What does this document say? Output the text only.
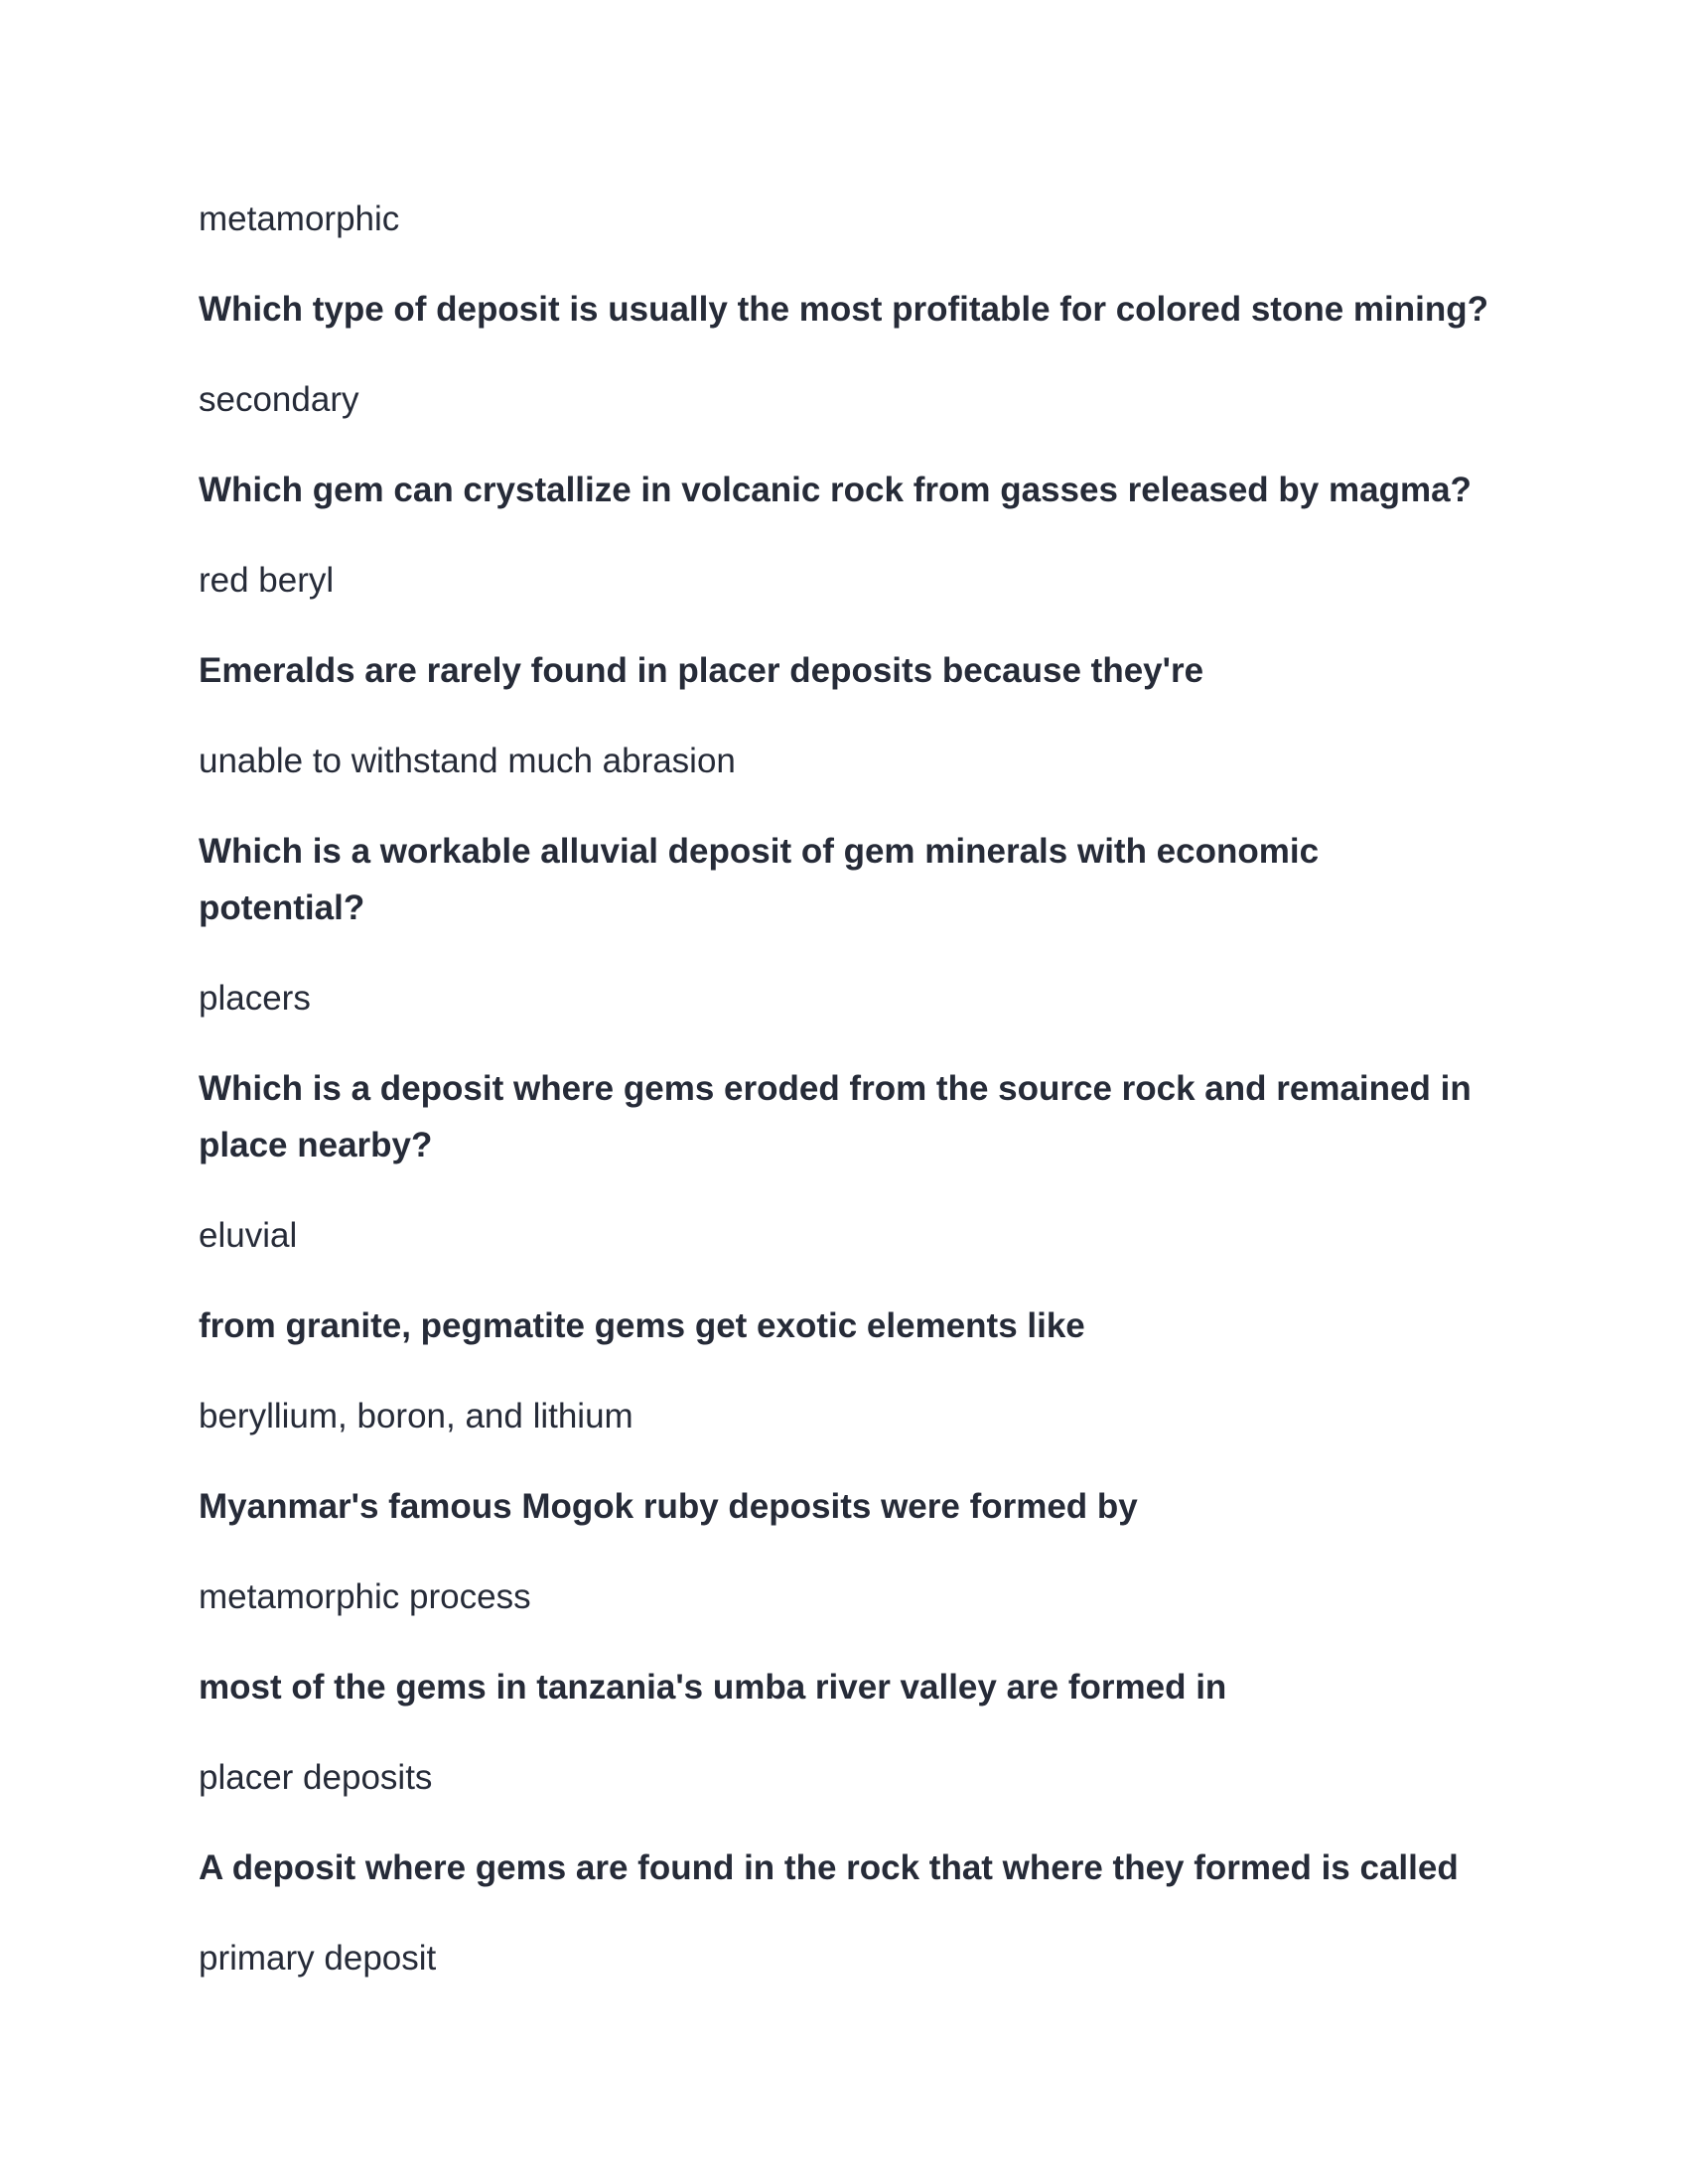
metamorphic

Which type of deposit is usually the most profitable for colored stone mining?

secondary

Which gem can crystallize in volcanic rock from gasses released by magma?

red beryl

Emeralds are rarely found in placer deposits because they're

unable to withstand much abrasion

Which is a workable alluvial deposit of gem minerals with economic potential?

placers

Which is a deposit where gems eroded from the source rock and remained in place nearby?

eluvial

from granite, pegmatite gems get exotic elements like

beryllium, boron, and lithium

Myanmar's famous Mogok ruby deposits were formed by

metamorphic process

most of the gems in tanzania's umba river valley are formed in

placer deposits

A deposit where gems are found in the rock that where they formed is called

primary deposit
